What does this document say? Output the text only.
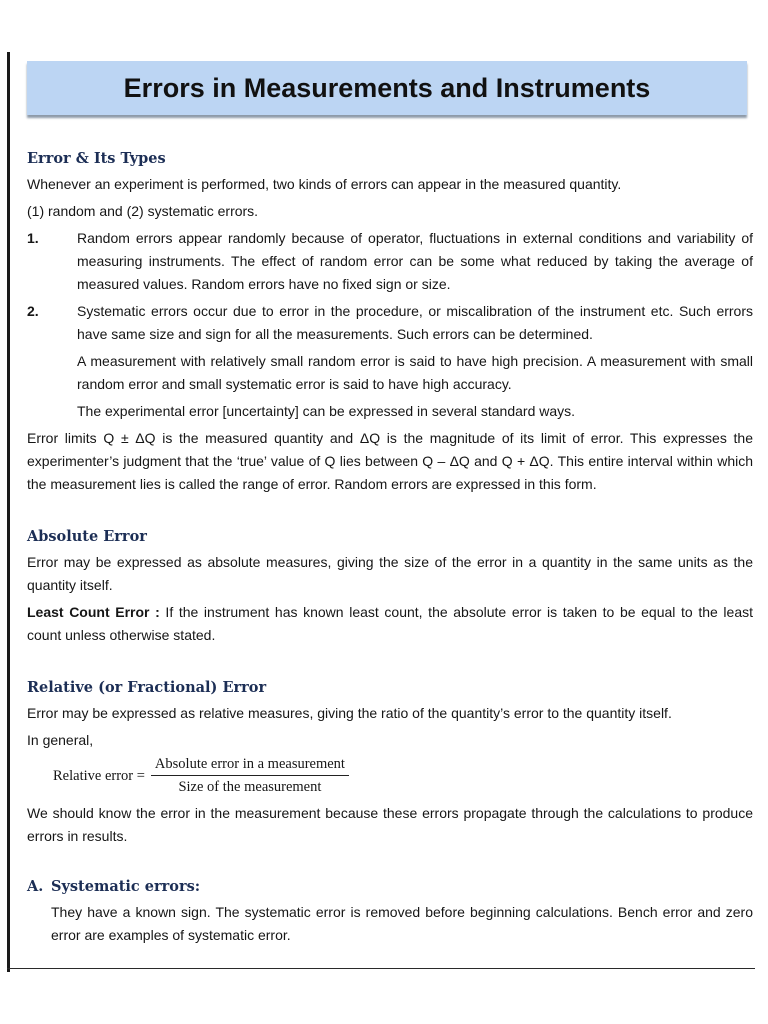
Errors in Measurements and Instruments
Error & Its Types
Whenever an experiment is performed, two kinds of errors can appear in the measured quantity.
(1) random and (2) systematic errors.
1.	Random errors appear randomly because of operator, fluctuations in external conditions and variability of measuring instruments. The effect of random error can be some what reduced by taking the average of measured values. Random errors have no fixed sign or size.
2.	Systematic errors occur due to error in the procedure, or miscalibration of the instrument etc. Such errors have same size and sign for all the measurements. Such errors can be determined.
A measurement with relatively small random error is said to have high precision. A measurement with small random error and small systematic error is said to have high accuracy.
The experimental error [uncertainty] can be expressed in several standard ways.
Error limits Q ± ΔQ is the measured quantity and ΔQ is the magnitude of its limit of error. This expresses the experimenter’s judgment that the ‘true’ value of Q lies between Q – ΔQ and Q + ΔQ. This entire interval within which the measurement lies is called the range of error. Random errors are expressed in this form.
Absolute Error
Error may be expressed as absolute measures, giving the size of the error in a quantity in the same units as the quantity itself.
Least Count Error : If the instrument has known least count, the absolute error is taken to be equal to the least count unless otherwise stated.
Relative (or Fractional) Error
Error may be expressed as relative measures, giving the ratio of the quantity’s error to the quantity itself.
In general,
Relative error = $\frac{\text{Absolute error in a measurement}}{\text{Size of the measurement}}$
We should know the error in the measurement because these errors propagate through the calculations to produce errors in results.
A. Systematic errors:
They have a known sign. The systematic error is removed before beginning calculations. Bench error and zero error are examples of systematic error.
